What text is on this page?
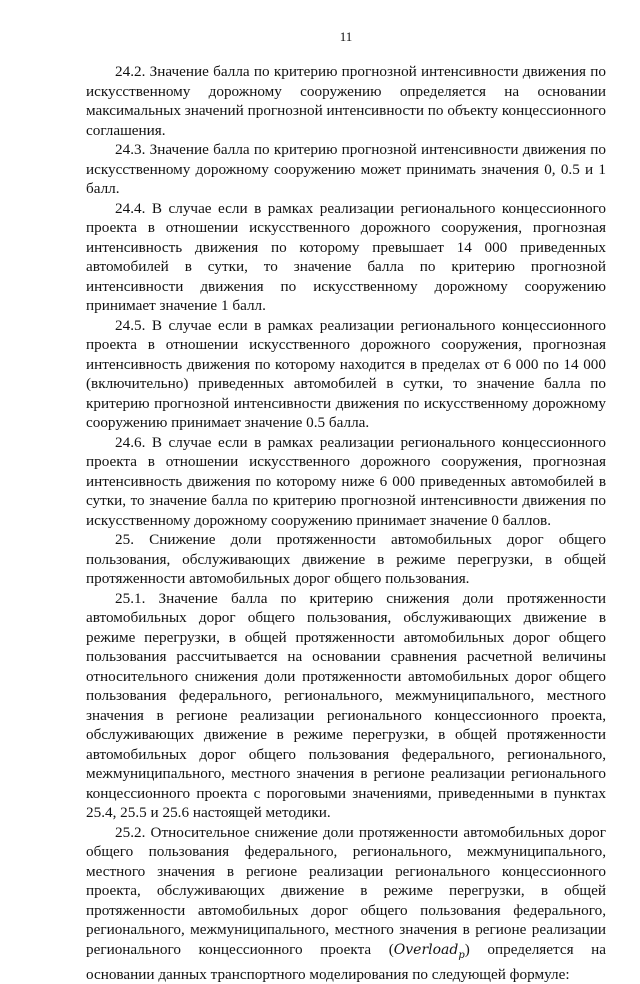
11

24.2. Значение балла по критерию прогнозной интенсивности движения по искусственному дорожному сооружению определяется на основании максимальных значений прогнозной интенсивности по объекту концессионного соглашения.

24.3. Значение балла по критерию прогнозной интенсивности движения по искусственному дорожному сооружению может принимать значения 0, 0.5 и 1 балл.

24.4. В случае если в рамках реализации регионального концессионного проекта в отношении искусственного дорожного сооружения, прогнозная интенсивность движения по которому превышает 14 000 приведенных автомобилей в сутки, то значение балла по критерию прогнозной интенсивности движения по искусственному дорожному сооружению принимает значение 1 балл.

24.5. В случае если в рамках реализации регионального концессионного проекта в отношении искусственного дорожного сооружения, прогнозная интенсивность движения по которому находится в пределах от 6 000 по 14 000 (включительно) приведенных автомобилей в сутки, то значение балла по критерию прогнозной интенсивности движения по искусственному дорожному сооружению принимает значение 0.5 балла.

24.6. В случае если в рамках реализации регионального концессионного проекта в отношении искусственного дорожного сооружения, прогнозная интенсивность движения по которому ниже 6 000 приведенных автомобилей в сутки, то значение балла по критерию прогнозной интенсивности движения по искусственному дорожному сооружению принимает значение 0 баллов.

25. Снижение доли протяженности автомобильных дорог общего пользования, обслуживающих движение в режиме перегрузки, в общей протяженности автомобильных дорог общего пользования.

25.1. Значение балла по критерию снижения доли протяженности автомобильных дорог общего пользования, обслуживающих движение в режиме перегрузки, в общей протяженности автомобильных дорог общего пользования рассчитывается на основании сравнения расчетной величины относительного снижения доли протяженности автомобильных дорог общего пользования федерального, регионального, межмуниципального, местного значения в регионе реализации регионального концессионного проекта, обслуживающих движение в режиме перегрузки, в общей протяженности автомобильных дорог общего пользования федерального, регионального, межмуниципального, местного значения в регионе реализации регионального концессионного проекта с пороговыми значениями, приведенными в пунктах 25.4, 25.5 и 25.6 настоящей методики.

25.2. Относительное снижение доли протяженности автомобильных дорог общего пользования федерального, регионального, межмуниципального, местного значения в регионе реализации регионального концессионного проекта, обслуживающих движение в режиме перегрузки, в общей протяженности автомобильных дорог общего пользования федерального, регионального, межмуниципального, местного значения в регионе реализации регионального концессионного проекта (Overload$_p$) определяется на основании данных транспортного моделирования по следующей формуле:
